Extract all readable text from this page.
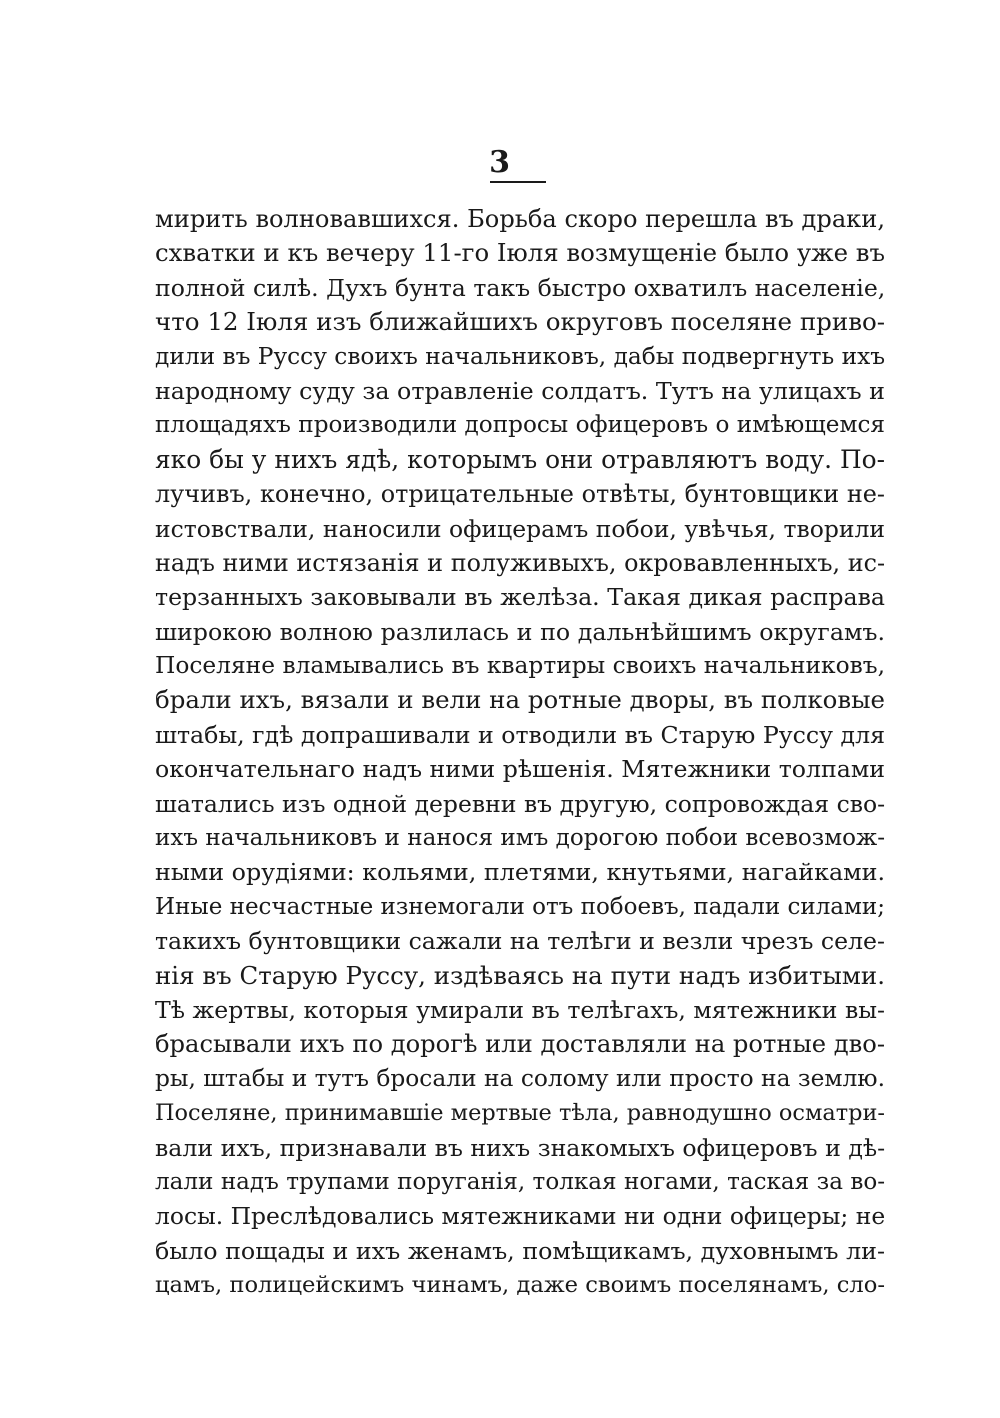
3
мирить волновавшихся. Борьба скоро перешла въ драки,
схватки и къ вечеру 11-го Іюля возмущеніе было уже въ
полной силѣ. Духъ бунта такъ быстро охватилъ населеніе,
что 12 Іюля изъ ближайшихъ округовъ поселяне приво-
дили въ Руссу своихъ начальниковъ, дабы подвергнуть ихъ
народному суду за отравленіе солдатъ. Тутъ на улицахъ и
площадяхъ производили допросы офицеровъ о имѣющемся
яко бы у нихъ ядѣ, которымъ они отравляютъ воду. По-
лучивъ, конечно, отрицательные отвѣты, бунтовщики не-
истовствали, наносили офицерамъ побои, увѣчья, творили
надъ ними истязанія и полуживыхъ, окровавленныхъ, ис-
терзанныхъ заковывали въ желѣза. Такая дикая расправа
широкою волною разлилась и по дальнѣйшимъ округамъ.
Поселяне вламывались въ квартиры своихъ начальниковъ,
брали ихъ, вязали и вели на ротные дворы, въ полковые
штабы, гдѣ допрашивали и отводили въ Старую Руссу для
окончательнаго надъ ними рѣшенія. Мятежники толпами
шатались изъ одной деревни въ другую, сопровождая сво-
ихъ начальниковъ и нанося имъ дорогою побои всевозмож-
ными орудіями: кольями, плетями, кнутьями, нагайками.
Иные несчастные изнемогали отъ побоевъ, падали силами;
такихъ бунтовщики сажали на телѣги и везли чрезъ селе-
нія въ Старую Руссу, издѣваясь на пути надъ избитыми.
Тѣ жертвы, которыя умирали въ телѣгахъ, мятежники вы-
брасывали ихъ по дорогѣ или доставляли на ротные дво-
ры, штабы и тутъ бросали на солому или просто на землю.
Поселяне, принимавшіе мертвые тѣла, равнодушно осматри-
вали ихъ, признавали въ нихъ знакомыхъ офицеровъ и дѣ-
лали надъ трупами поруганія, толкая ногами, таская за во-
лосы. Преслѣдовались мятежниками ни одни офицеры; не
было пощады и ихъ женамъ, помѣщикамъ, духовнымъ ли-
цамъ, полицейскимъ чинамъ, даже своимъ поселянамъ, сло-
